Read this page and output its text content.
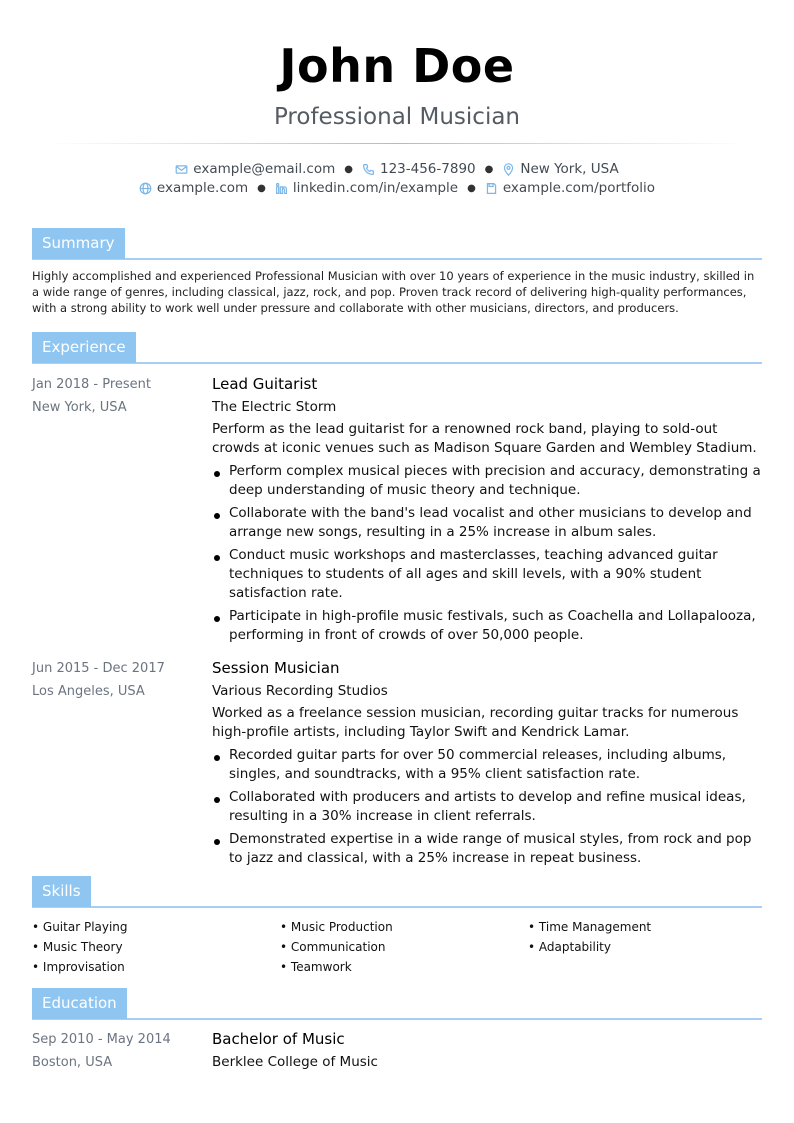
John Doe
Professional Musician
example@email.com ● 123-456-7890 ● New York, USA
example.com ● linkedin.com/in/example ● example.com/portfolio
Summary

Highly accomplished and experienced Professional Musician with over 10 years of experience in the music industry, skilled in a wide range of genres, including classical, jazz, rock, and pop. Proven track record of delivering high-quality performances, with a strong ability to work well under pressure and collaborate with other musicians, directors, and producers.

Experience
Jan 2018 - Present
New York, USA
Lead Guitarist
The Electric Storm
Perform as the lead guitarist for a renowned rock band, playing to sold-out crowds at iconic venues such as Madison Square Garden and Wembley Stadium.
Perform complex musical pieces with precision and accuracy, demonstrating a deep understanding of music theory and technique.
Collaborate with the band's lead vocalist and other musicians to develop and arrange new songs, resulting in a 25% increase in album sales.
Conduct music workshops and masterclasses, teaching advanced guitar techniques to students of all ages and skill levels, with a 90% student satisfaction rate.
Participate in high-profile music festivals, such as Coachella and Lollapalooza, performing in front of crowds of over 50,000 people.
Jun 2015 - Dec 2017
Los Angeles, USA
Session Musician
Various Recording Studios
Worked as a freelance session musician, recording guitar tracks for numerous high-profile artists, including Taylor Swift and Kendrick Lamar.
Recorded guitar parts for over 50 commercial releases, including albums, singles, and soundtracks, with a 95% client satisfaction rate.
Collaborated with producers and artists to develop and refine musical ideas, resulting in a 30% increase in client referrals.
Demonstrated expertise in a wide range of musical styles, from rock and pop to jazz and classical, with a 25% increase in repeat business.
Skills
• Guitar Playing
• Music Theory
• Improvisation
• Music Production
• Communication
• Teamwork
• Time Management
• Adaptability
Education
Sep 2010 - May 2014
Boston, USA
Bachelor of Music
Berklee College of Music
